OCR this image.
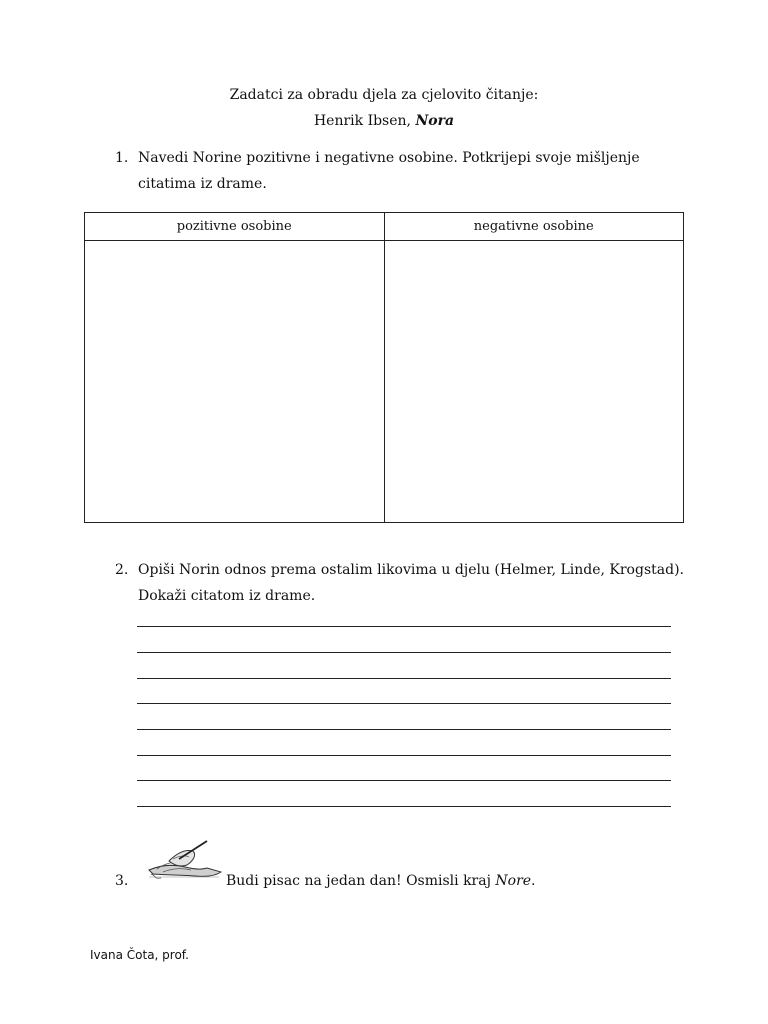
Zadatci za obradu djela za cjelovito čitanje:
Henrik Ibsen, Nora
1. Navedi Norine pozitivne i negativne osobine. Potkrijepi svoje mišljenje citatima iz drame.
pozitivne osobine	negativne osobine

2. Opiši Norin odnos prema ostalim likovima u djelu (Helmer, Linde, Krogstad).
Dokaži citatom iz drame.
3.	Budi pisac na jedan dan! Osmisli kraj Nore.
Ivana Čota, prof.
